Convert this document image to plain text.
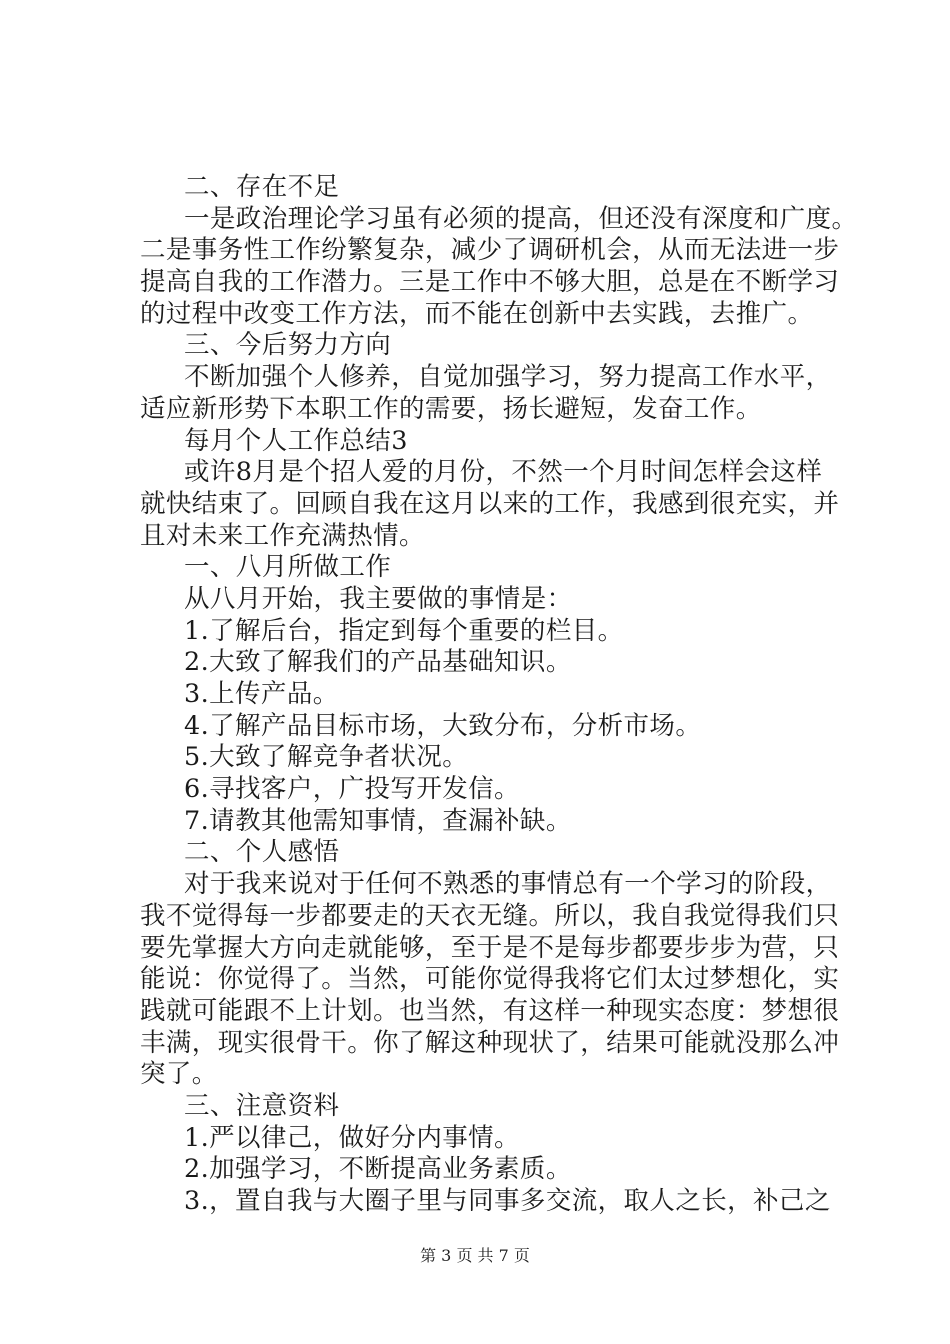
二、存在不足
一是政治理论学习虽有必须的提高，但还没有深度和广度。
二是事务性工作纷繁复杂，减少了调研机会，从而无法进一步
提高自我的工作潜力。三是工作中不够大胆，总是在不断学习
的过程中改变工作方法，而不能在创新中去实践，去推广。
三、今后努力方向
不断加强个人修养，自觉加强学习，努力提高工作水平，
适应新形势下本职工作的需要，扬长避短，发奋工作。
每月个人工作总结3
或许8月是个招人爱的月份，不然一个月时间怎样会这样
就快结束了。回顾自我在这月以来的工作，我感到很充实，并
且对未来工作充满热情。
一、八月所做工作
从八月开始，我主要做的事情是：
1.了解后台，指定到每个重要的栏目。
2.大致了解我们的产品基础知识。
3.上传产品。
4.了解产品目标市场，大致分布，分析市场。
5.大致了解竞争者状况。
6.寻找客户，广投写开发信。
7.请教其他需知事情，查漏补缺。
二、个人感悟
对于我来说对于任何不熟悉的事情总有一个学习的阶段，
我不觉得每一步都要走的天衣无缝。所以，我自我觉得我们只
要先掌握大方向走就能够，至于是不是每步都要步步为营，只
能说：你觉得了。当然，可能你觉得我将它们太过梦想化，实
践就可能跟不上计划。也当然，有这样一种现实态度：梦想很
丰满，现实很骨干。你了解这种现状了，结果可能就没那么冲
突了。
三、注意资料
1.严以律己，做好分内事情。
2.加强学习，不断提高业务素质。
3.，置自我与大圈子里与同事多交流，取人之长，补己之
第 3 页 共 7 页
